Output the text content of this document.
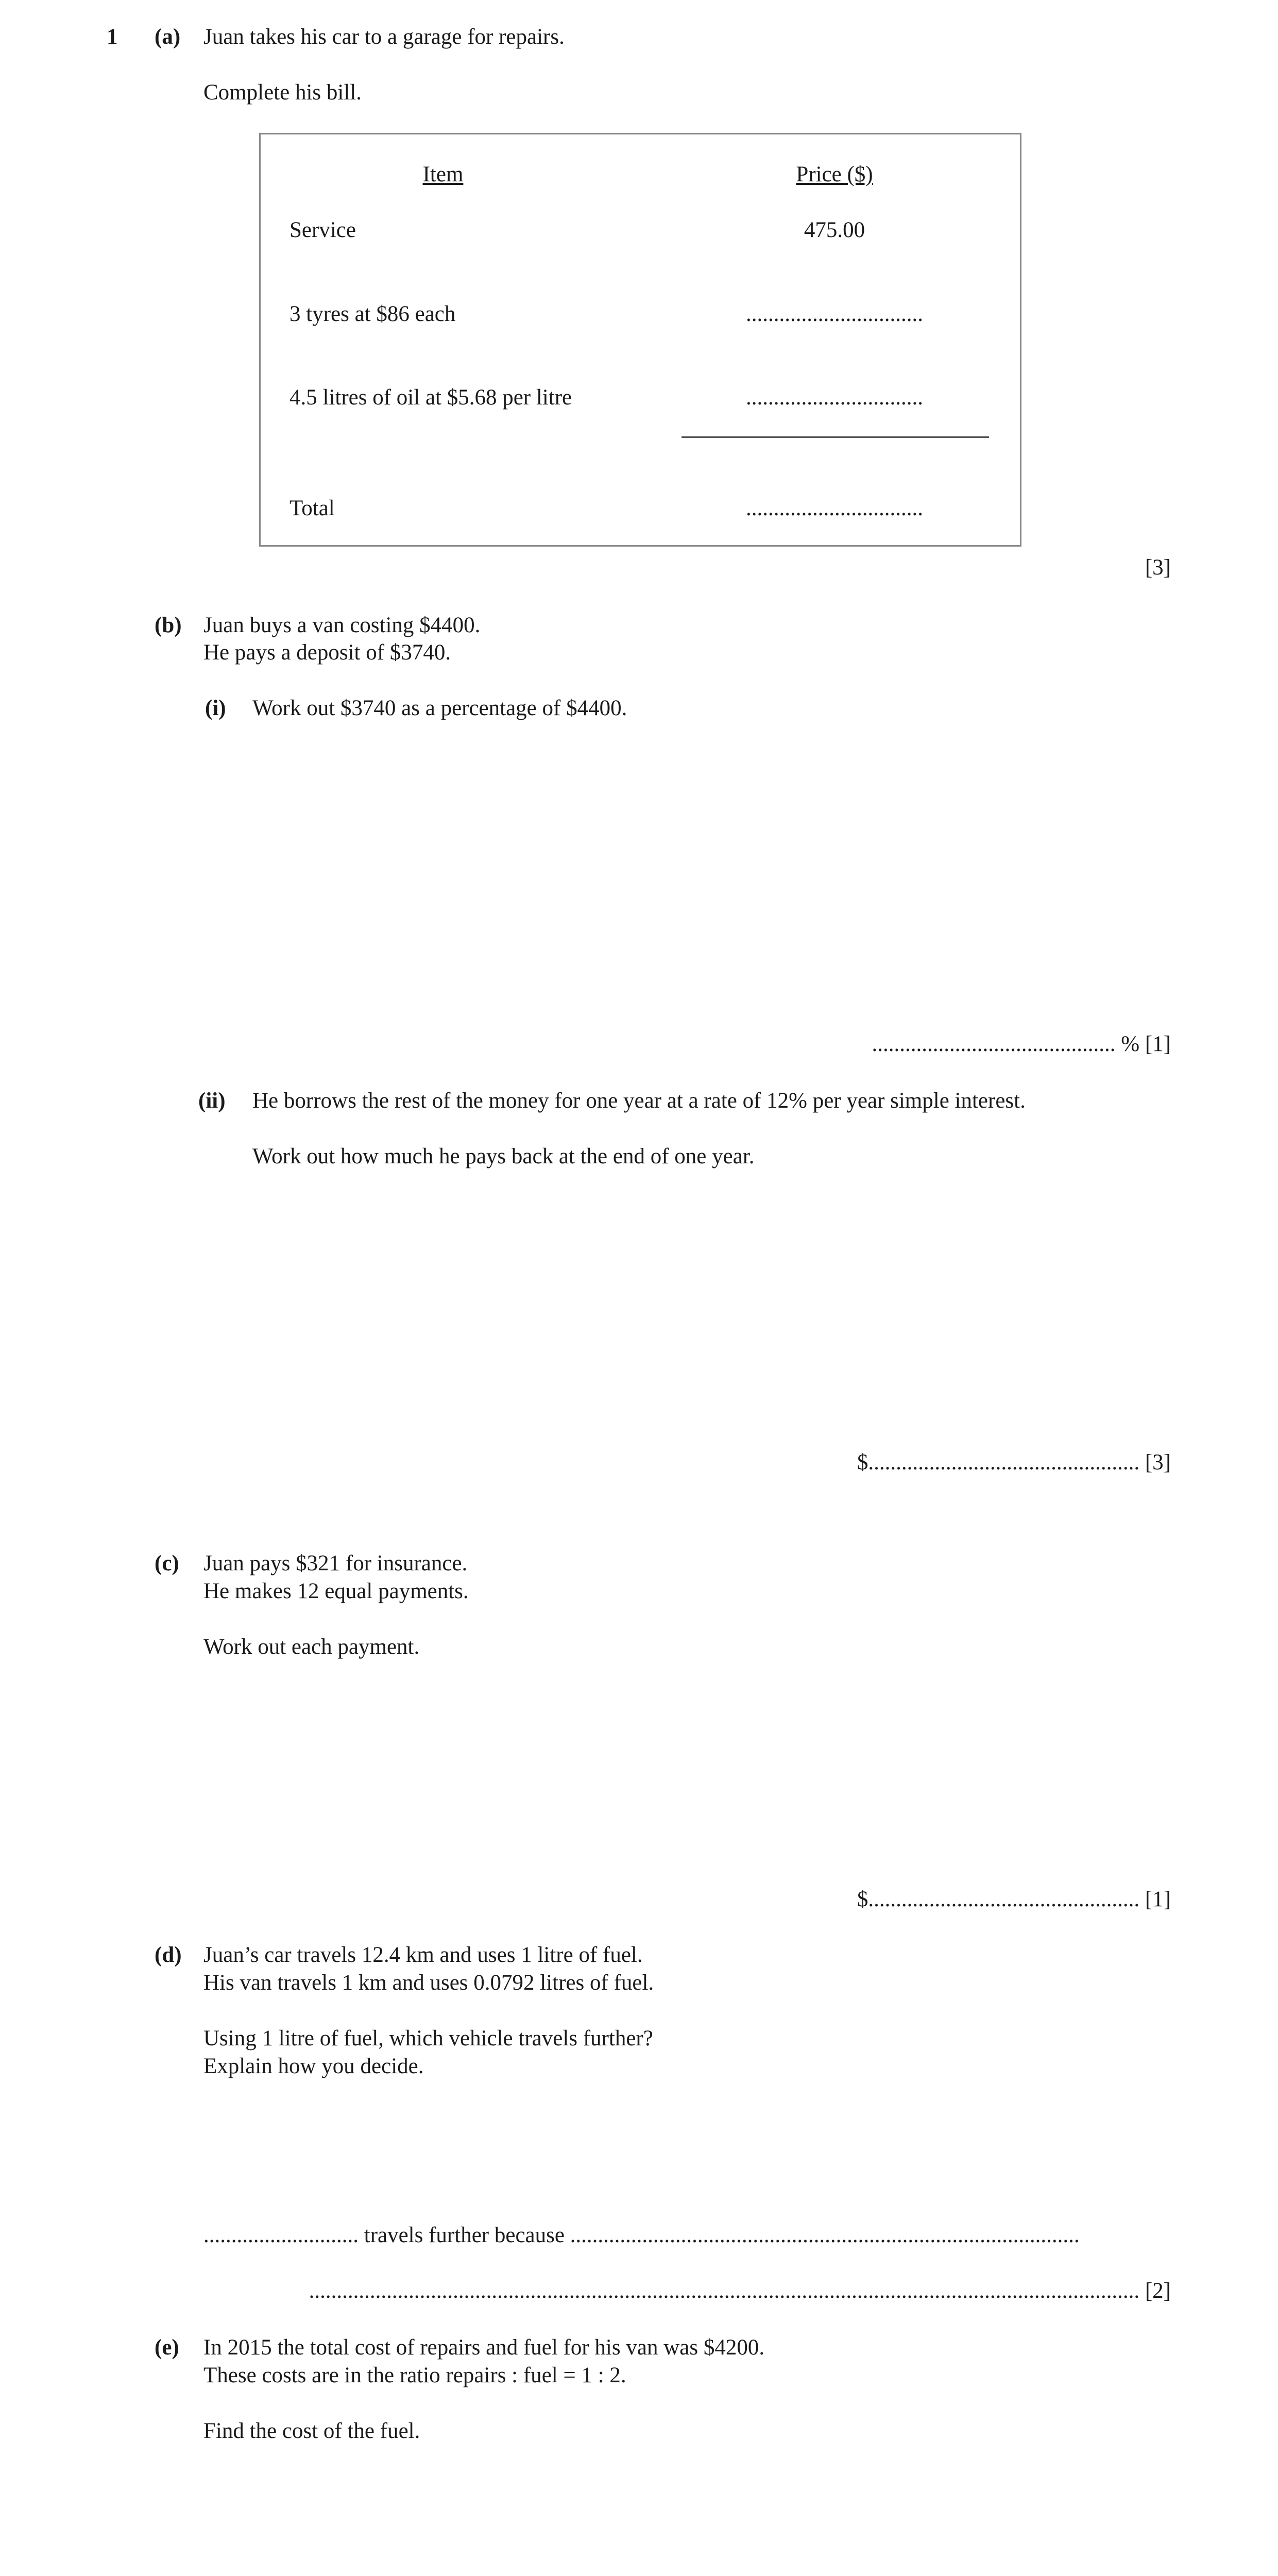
1 (a) Juan takes his car to a garage for repairs.
Complete his bill.
Item	Price ($)
Service	475.00
3 tyres at $86 each	................................
4.5 litres of oil at $5.68 per litre	................................
Total	................................
[3]
(b) Juan buys a van costing $4400.
He pays a deposit of $3740.
(i) Work out $3740 as a percentage of $4400.
............................................ % [1]
(ii) He borrows the rest of the money for one year at a rate of 12% per year simple interest.
Work out how much he pays back at the end of one year.
$................................................. [3]
(c) Juan pays $321 for insurance.
He makes 12 equal payments.
Work out each payment.
$................................................. [1]
(d) Juan’s car travels 12.4 km and uses 1 litre of fuel.
His van travels 1 km and uses 0.0792 litres of fuel.
Using 1 litre of fuel, which vehicle travels further?
Explain how you decide.
............................ travels further because ............................................................................................
...................................................................................................................................................... [2]
(e) In 2015 the total cost of repairs and fuel for his van was $4200.
These costs are in the ratio repairs : fuel = 1 : 2.
Find the cost of the fuel.
